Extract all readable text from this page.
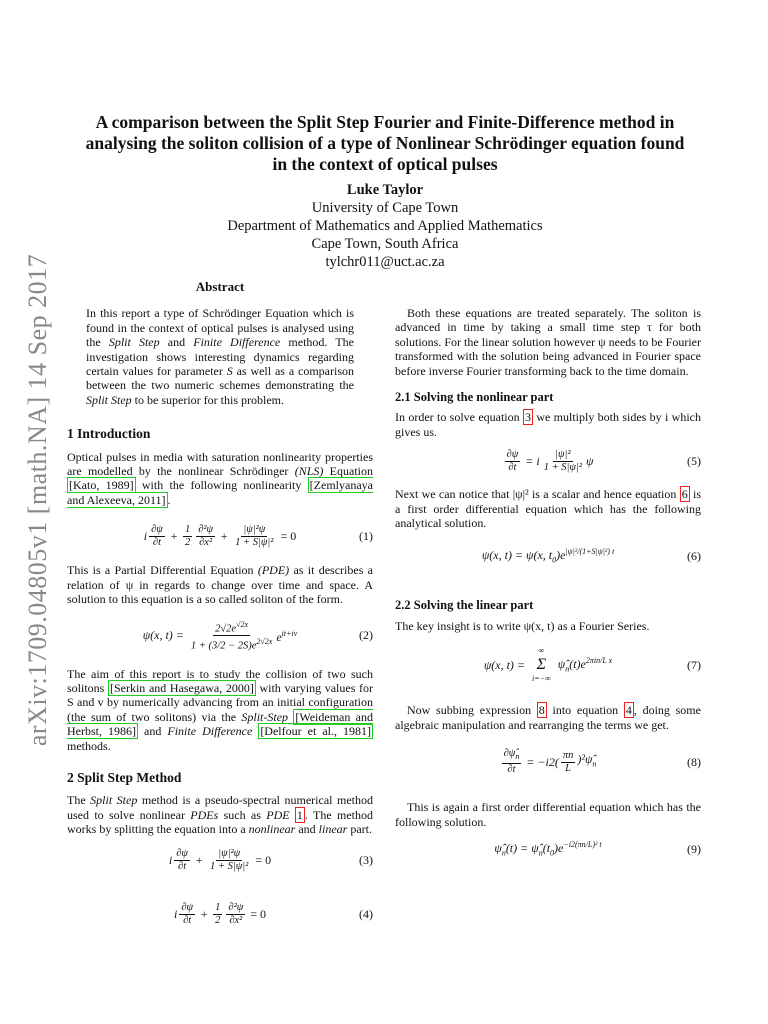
arXiv:1709.04805v1 [math.NA] 14 Sep 2017
A comparison between the Split Step Fourier and Finite-Difference method in
analysing the soliton collision of a type of Nonlinear Schrödinger equation found
in the context of optical pulses
Luke Taylor
University of Cape Town
Department of Mathematics and Applied Mathematics
Cape Town, South Africa
tylchr011@uct.ac.za
Abstract

In this report a type of Schrödinger Equation which is found in the context of optical pulses is analysed using the Split Step and Finite Difference method. The investigation shows interesting dynamics regarding certain values for parameter S as well as a comparison between the two numeric schemes demonstrating the Split Step to be superior for this problem.

1 Introduction

Optical pulses in media with saturation nonlinearity properties are modelled by the nonlinear Schrödinger (NLS) Equation [Kato, 1989] with the following nonlinearity [Zemlyanaya and Alexeeva, 2011] .

i $\frac{\partial\psi}{\partial t} + \frac{1}{2} \frac{\text{∂²ψ}}{\text{∂x²}} + \frac{\text{|ψ|²ψ}}{\text{1 + S|ψ|²}} = 0$	(1)

This is a Partial Differential Equation (PDE) as it describes a relation of ψ in regards to change over time and space. A solution to this equation is a so called soliton of the form.

ψ(x, $t) = \frac{2√2e^{√2x}}{1 + (3/2 - 2S)e^{2√2x}} e^{it+iv}$	(2)

The aim of this report is to study the collision of two such solitons [Serkin and Hasegawa, 2000] with varying values for S and v by numerically advancing from an initial configuration (the sum of two solitons) via the Split-Step [Weideman and Herbst, 1986] and Finite Difference [Delfour et al., 1981] methods.

2 Split Step Method

The Split Step method is a pseudo-spectral numerical method used to solve nonlinear PDEs such as PDE 1 . The method works by splitting the equation into a nonlinear and linear part.

i $\frac{\partial\psi}{\partial t} + \frac{\text{|ψ|²ψ}}{\text{1 + S|ψ|²}} = 0$	(3)
i $\frac{\partial\psi}{\partial t} + \frac{1}{2} \frac{\text{∂²ψ}}{\text{∂x²}} = 0$	(4)

Both these equations are treated separately. The soliton is advanced in time by taking a small time step τ for both solutions. For the linear solution however ψ needs to be Fourier transformed with the solution being advanced in Fourier space before inverse Fourier transforming back to the time domain.

2.1 Solving the nonlinear part

In order to solve equation 3 we multiply both sides by i which gives us.

$\frac{\partial\psi}{\partial t} = i \frac{\text{|ψ|²}}{\text{1 + S|ψ|²}}$ ψ	(5)

Next we can notice that |ψ|² is a scalar and hence equation 6 is a first order differential equation which has the following analytical solution.

ψ(x, t) = ψ(x, $t_0)e^{|\psi|^2/(1+S|\psi|^2) t}$	(6)
2.2 Solving the linear part

The key insight is to write ψ(x, t) as a Fourier Series.

ψ(x, t) =
∞
Σ
i=−∞
$\psî_n(t)e^{2\pi in/L x}$	(7)

Now subbing expression 8 into equation 4 , doing some algebraic manipulation and rearranging the terms we get.

$\frac{\partial\psî_n}{\partial t} = -i2( \frac{\pi n}{L}$ )$^2\psî_n$	(8)

This is again a first order differential equation which has the following solution.

$\psî_n(t)$ = $\psî_n(t_0)e^{-i2(\pi n/L)^2 t}$	(9)
